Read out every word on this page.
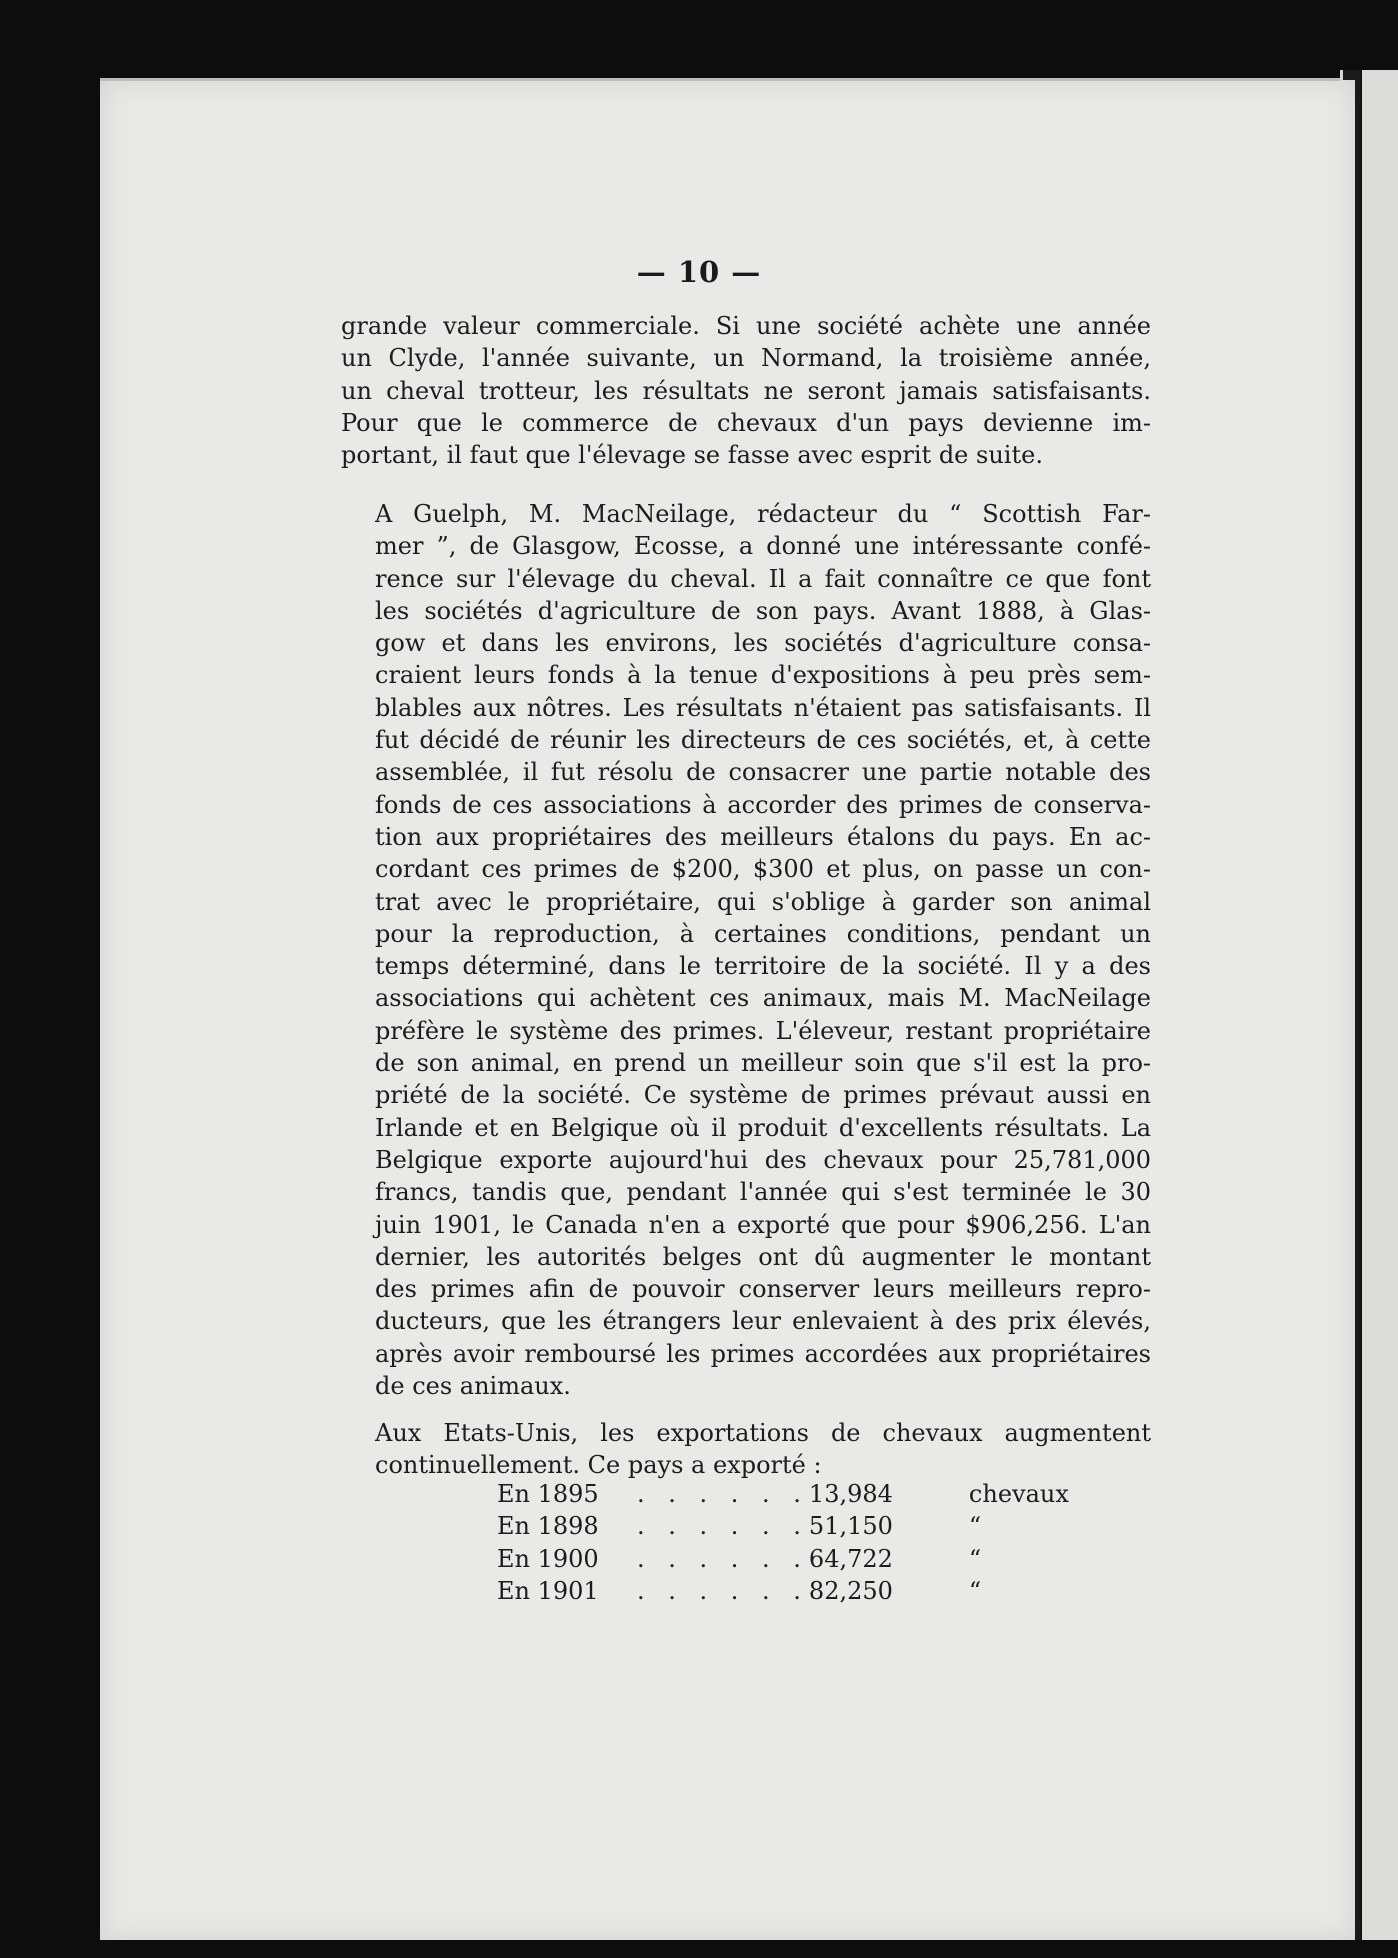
— 10 —
grande valeur commerciale. Si une société achète une année
un Clyde, l'année suivante, un Normand, la troisième année,
un cheval trotteur, les résultats ne seront jamais satisfaisants.
Pour que le commerce de chevaux d'un pays devienne im-
portant, il faut que l'élevage se fasse avec esprit de suite.
A Guelph, M. MacNeilage, rédacteur du “ Scottish Far-
mer ”, de Glasgow, Ecosse, a donné une intéressante confé-
rence sur l'élevage du cheval. Il a fait connaître ce que font
les sociétés d'agriculture de son pays. Avant 1888, à Glas-
gow et dans les environs, les sociétés d'agriculture consa-
craient leurs fonds à la tenue d'expositions à peu près sem-
blables aux nôtres. Les résultats n'étaient pas satisfaisants. Il
fut décidé de réunir les directeurs de ces sociétés, et, à cette
assemblée, il fut résolu de consacrer une partie notable des
fonds de ces associations à accorder des primes de conserva-
tion aux propriétaires des meilleurs étalons du pays. En ac-
cordant ces primes de $200, $300 et plus, on passe un con-
trat avec le propriétaire, qui s'oblige à garder son animal
pour la reproduction, à certaines conditions, pendant un
temps déterminé, dans le territoire de la société. Il y a des
associations qui achètent ces animaux, mais M. MacNeilage
préfère le système des primes. L'éleveur, restant propriétaire
de son animal, en prend un meilleur soin que s'il est la pro-
priété de la société. Ce système de primes prévaut aussi en
Irlande et en Belgique où il produit d'excellents résultats. La
Belgique exporte aujourd'hui des chevaux pour 25,781,000
francs, tandis que, pendant l'année qui s'est terminée le 30
juin 1901, le Canada n'en a exporté que pour $906,256. L'an
dernier, les autorités belges ont dû augmenter le montant
des primes afin de pouvoir conserver leurs meilleurs repro-
ducteurs, que les étrangers leur enlevaient à des prix élevés,
après avoir remboursé les primes accordées aux propriétaires
de ces animaux.
Aux Etats-Unis, les exportations de chevaux augmentent
continuellement. Ce pays a exporté :
En 1895	. . . . . .	13,984	chevaux
En 1898	. . . . . .	51,150	“
En 1900	. . . . . .	64,722	“
En 1901	. . . . . .	82,250	“
